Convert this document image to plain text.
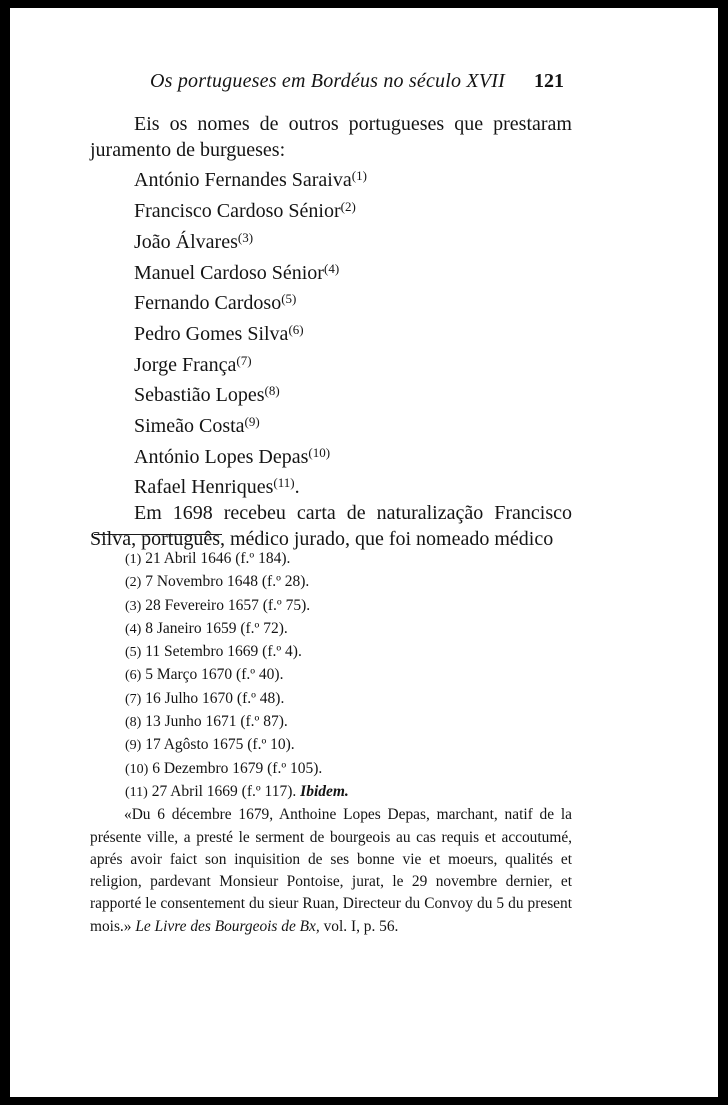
Os portugueses em Bordéus no século XVII	121

Eis os nomes de outros portugueses que prestaram juramento de burgueses:

António Fernandes Saraiva$^{(1)}$
Francisco Cardoso Sénior$^{(2)}$
João Álvares$^{(3)}$
Manuel Cardoso Sénior$^{(4)}$
Fernando Cardoso$^{(5)}$
Pedro Gomes Silva$^{(6)}$
Jorge França$^{(7)}$
Sebastião Lopes$^{(8)}$
Simeão Costa$^{(9)}$
António Lopes Depas$^{(10)}$
Rafael Henriques$^{(11)}$.

Em 1698 recebeu carta de naturalização Francisco Silva, português, médico jurado, que foi nomeado médico

(1) 21 Abril 1646 (f.º 184).
(2) 7 Novembro 1648 (f.º 28).
(3) 28 Fevereiro 1657 (f.º 75).
(4) 8 Janeiro 1659 (f.º 72).
(5) 11 Setembro 1669 (f.º 4).
(6) 5 Março 1670 (f.º 40).
(7) 16 Julho 1670 (f.º 48).
(8) 13 Junho 1671 (f.º 87).
(9) 17 Agôsto 1675 (f.º 10).
(10) 6 Dezembro 1679 (f.º 105).
(11) 27 Abril 1669 (f.º 117). Ibidem.

«Du 6 décembre 1679, Anthoine Lopes Depas, marchant, natif de la présente ville, a presté le serment de bourgeois au cas requis et accoutumé, aprés avoir faict son inquisition de ses bonne vie et moeurs, qualités et religion, pardevant Monsieur Pontoise, jurat, le 29 novembre dernier, et rapporté le consentement du sieur Ruan, Directeur du Convoy du 5 du present mois.» Le Livre des Bourgeois de Bx, vol. I, p. 56.
